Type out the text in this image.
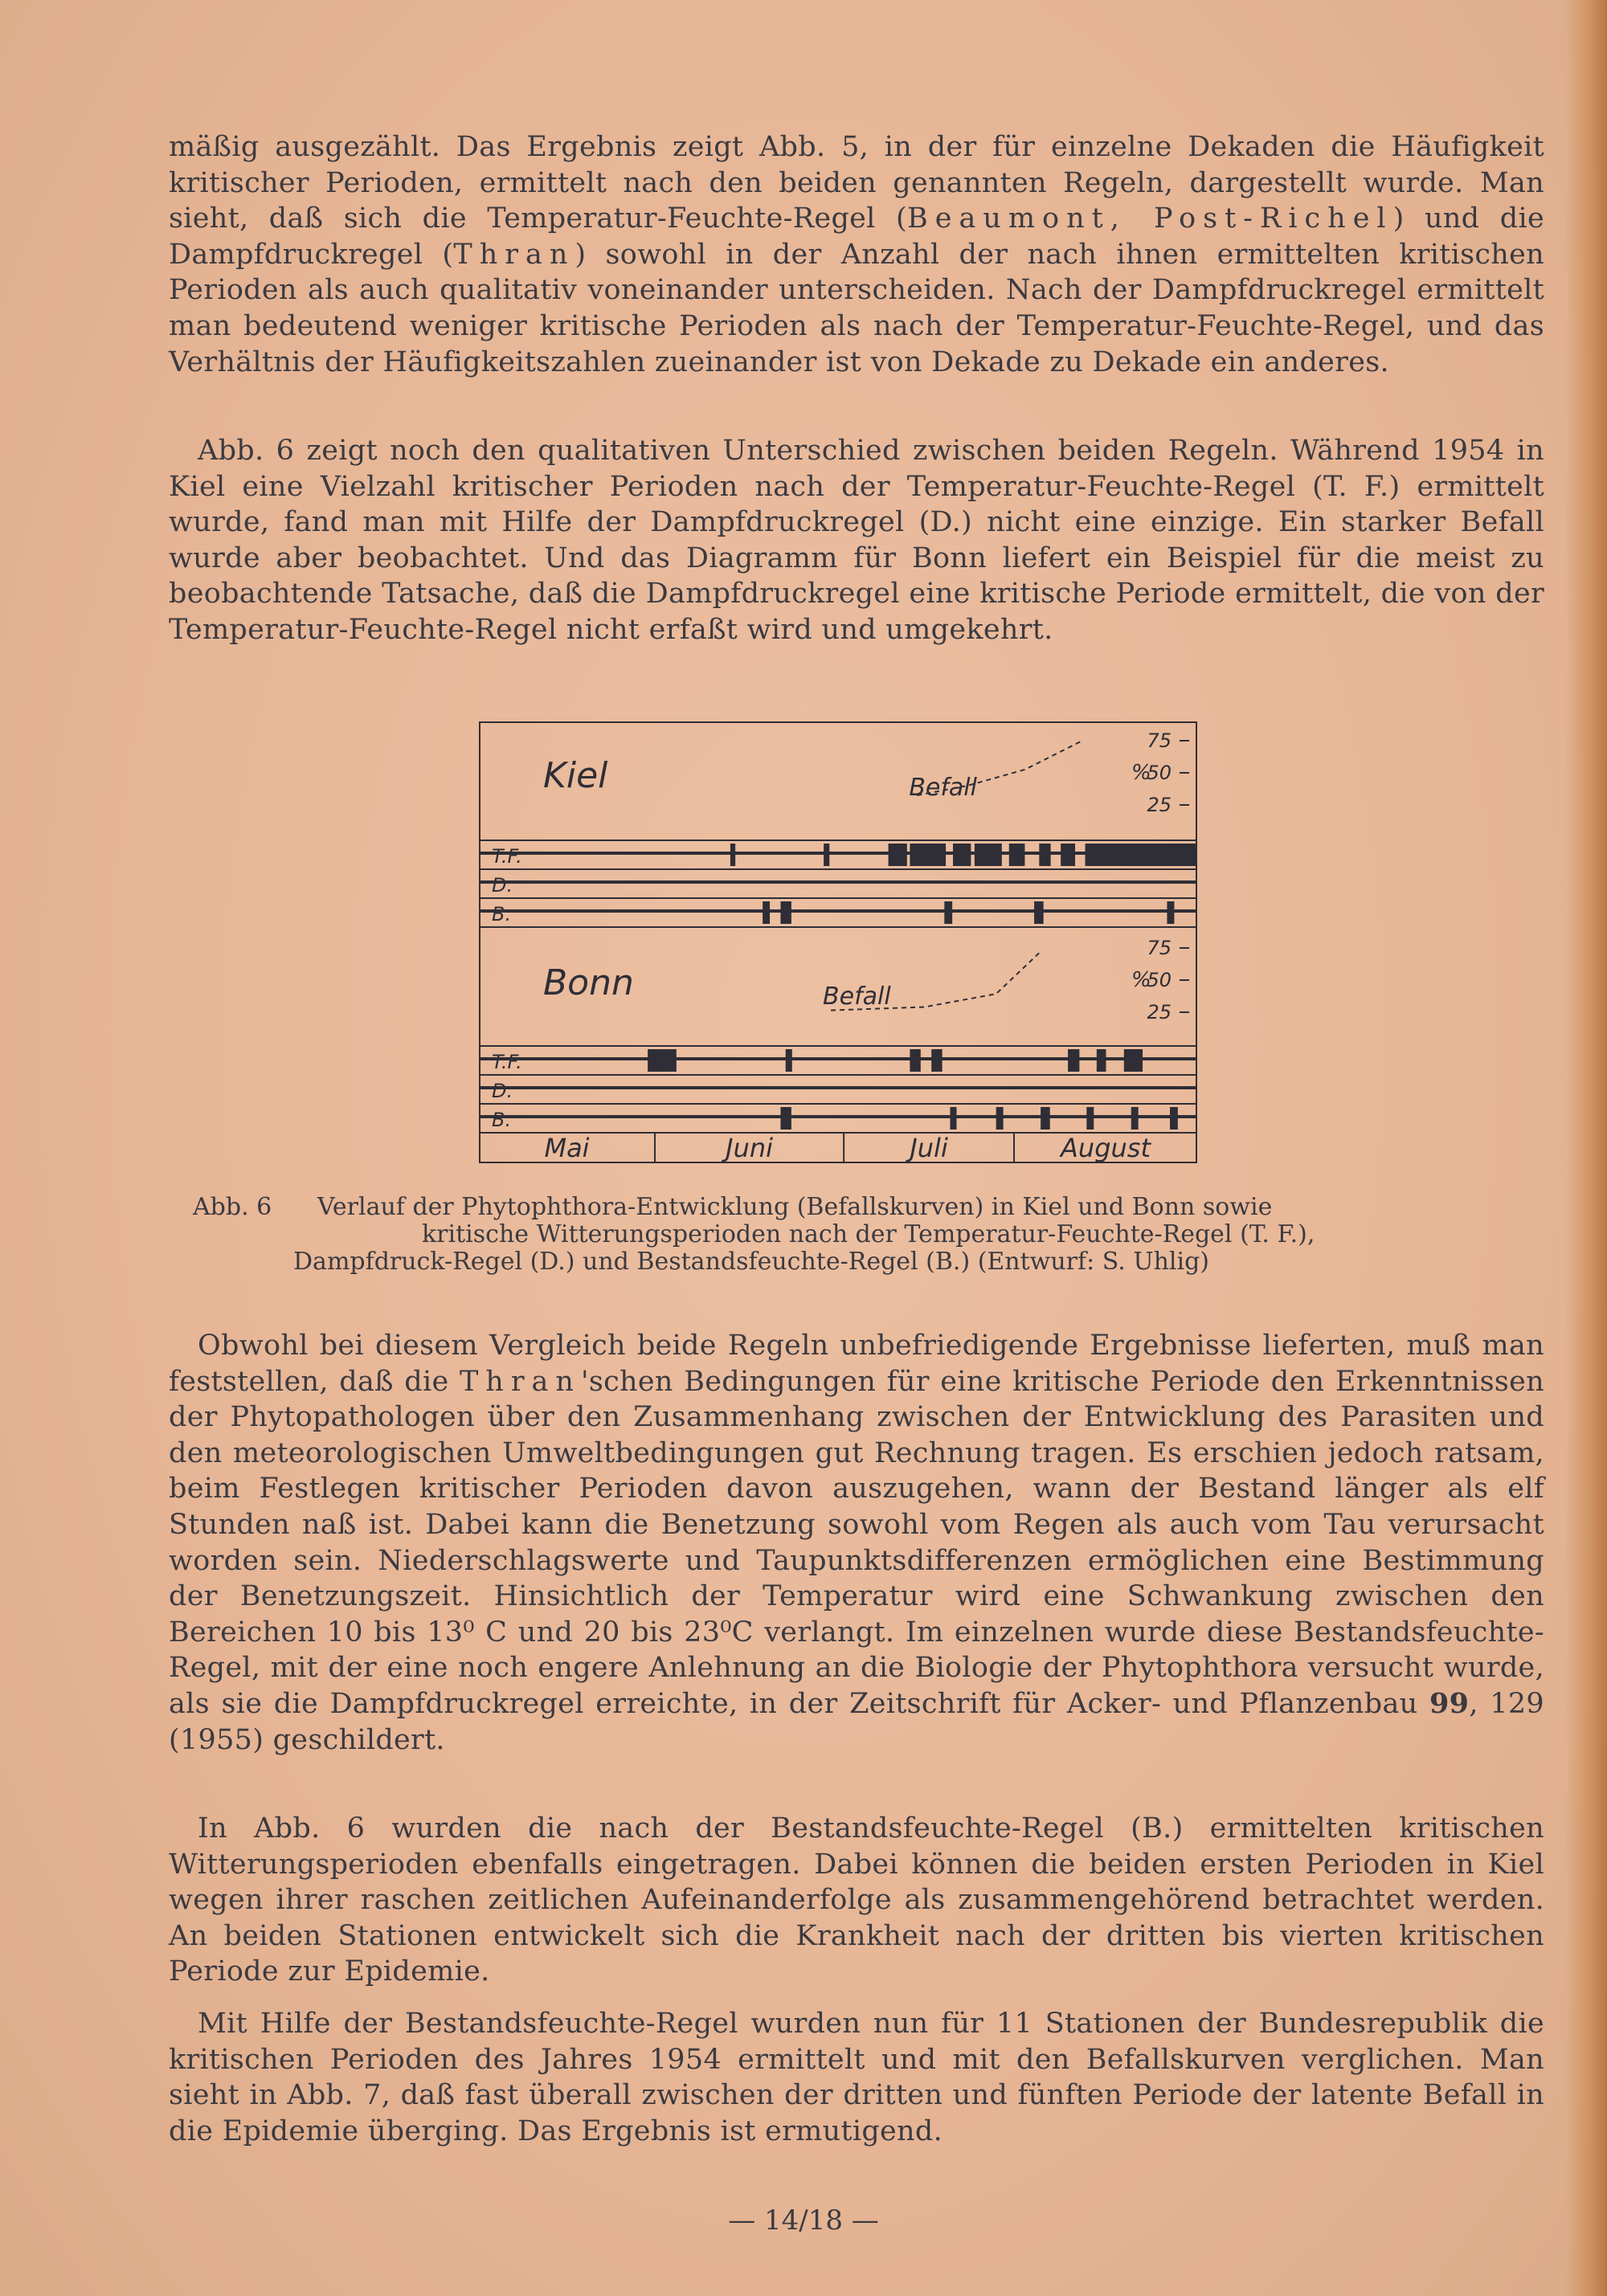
mäßig ausgezählt. Das Ergebnis zeigt Abb. 5, in der für einzelne Dekaden die Häufigkeit kritischer Perioden, ermittelt nach den beiden genannten Regeln, dargestellt wurde. Man sieht, daß sich die Temperatur-Feuchte-Regel (Beaumont, Post-Richel) und die Dampfdruckregel (Thran) sowohl in der Anzahl der nach ihnen ermittelten kritischen Perioden als auch qualitativ voneinander unterscheiden. Nach der Dampfdruckregel ermittelt man bedeutend weniger kritische Perioden als nach der Temperatur-Feuchte-Regel, und das Verhältnis der Häufigkeitszahlen zueinander ist von Dekade zu Dekade ein anderes.

Abb. 6 zeigt noch den qualitativen Unterschied zwischen beiden Regeln. Während 1954 in Kiel eine Vielzahl kritischer Perioden nach der Temperatur-Feuchte-Regel (T. F.) ermittelt wurde, fand man mit Hilfe der Dampfdruckregel (D.) nicht eine einzige. Ein starker Befall wurde aber beobachtet. Und das Diagramm für Bonn liefert ein Beispiel für die meist zu beobachtende Tatsache, daß die Dampfdruckregel eine kritische Periode ermittelt, die von der Temperatur-Feuchte-Regel nicht erfaßt wird und umgekehrt.

Kiel
75
50
25
%
Befall
T.F.
D.
B.
Bonn
75
50
25
%
Befall
T.F.
D.
B.
Mai	Juni	Juli	August
Abb. 6 Verlauf der Phytophthora-Entwicklung (Befallskurven) in Kiel und Bonn sowie
kritische Witterungsperioden nach der Temperatur-Feuchte-Regel (T. F.),
Dampfdruck-Regel (D.) und Bestandsfeuchte-Regel (B.) (Entwurf: S. Uhlig)

Obwohl bei diesem Vergleich beide Regeln unbefriedigende Ergebnisse lieferten, muß man feststellen, daß die Thran'schen Bedingungen für eine kritische Periode den Erkenntnissen der Phytopathologen über den Zusammenhang zwischen der Entwicklung des Parasiten und den meteorologischen Umweltbedingungen gut Rechnung tragen. Es erschien jedoch ratsam, beim Festlegen kritischer Perioden davon auszugehen, wann der Bestand länger als elf Stunden naß ist. Dabei kann die Benetzung sowohl vom Regen als auch vom Tau verursacht worden sein. Niederschlagswerte und Taupunktsdifferenzen ermöglichen eine Bestimmung der Benetzungszeit. Hinsichtlich der Temperatur wird eine Schwankung zwischen den Bereichen 10 bis 13⁰ C und 20 bis 23⁰C verlangt. Im einzelnen wurde diese Bestandsfeuchte-Regel, mit der eine noch engere Anlehnung an die Biologie der Phytophthora versucht wurde, als sie die Dampfdruckregel erreichte, in der Zeitschrift für Acker- und Pflanzenbau 99, 129 (1955) geschildert.

In Abb. 6 wurden die nach der Bestandsfeuchte-Regel (B.) ermittelten kritischen Witterungsperioden ebenfalls eingetragen. Dabei können die beiden ersten Perioden in Kiel wegen ihrer raschen zeitlichen Aufeinanderfolge als zusammengehörend betrachtet werden. An beiden Stationen entwickelt sich die Krankheit nach der dritten bis vierten kritischen Periode zur Epidemie.

Mit Hilfe der Bestandsfeuchte-Regel wurden nun für 11 Stationen der Bundesrepublik die kritischen Perioden des Jahres 1954 ermittelt und mit den Befallskurven verglichen. Man sieht in Abb. 7, daß fast überall zwischen der dritten und fünften Periode der latente Befall in die Epidemie überging. Das Ergebnis ist ermutigend.

— 14/18 —
